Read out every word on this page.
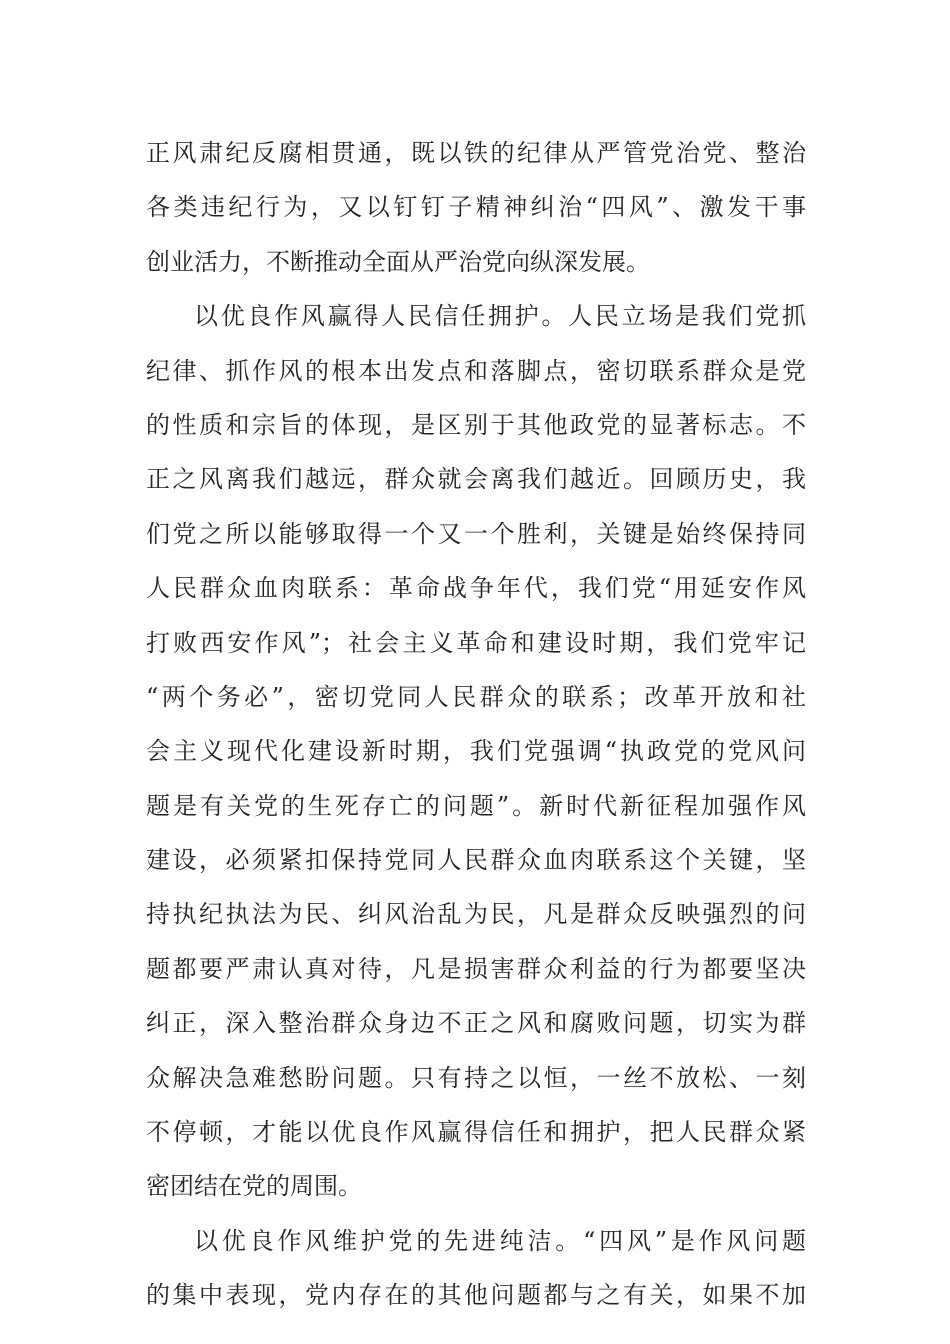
正风肃纪反腐相贯通，既以铁的纪律从严管党治党、整治
各类违纪行为，又以钉钉子精神纠治“四风”、激发干事
创业活力，不断推动全面从严治党向纵深发展。
以优良作风赢得人民信任拥护。人民立场是我们党抓
纪律、抓作风的根本出发点和落脚点，密切联系群众是党
的性质和宗旨的体现，是区别于其他政党的显著标志。不
正之风离我们越远，群众就会离我们越近。回顾历史，我
们党之所以能够取得一个又一个胜利，关键是始终保持同
人民群众血肉联系：革命战争年代，我们党“用延安作风
打败西安作风”；社会主义革命和建设时期，我们党牢记
“两个务必”，密切党同人民群众的联系；改革开放和社
会主义现代化建设新时期，我们党强调“执政党的党风问
题是有关党的生死存亡的问题”。新时代新征程加强作风
建设，必须紧扣保持党同人民群众血肉联系这个关键，坚
持执纪执法为民、纠风治乱为民，凡是群众反映强烈的问
题都要严肃认真对待，凡是损害群众利益的行为都要坚决
纠正，深入整治群众身边不正之风和腐败问题，切实为群
众解决急难愁盼问题。只有持之以恒，一丝不放松、一刻
不停顿，才能以优良作风赢得信任和拥护，把人民群众紧
密团结在党的周围。
以优良作风维护党的先进纯洁。“四风”是作风问题
的集中表现，党内存在的其他问题都与之有关，如果不加
